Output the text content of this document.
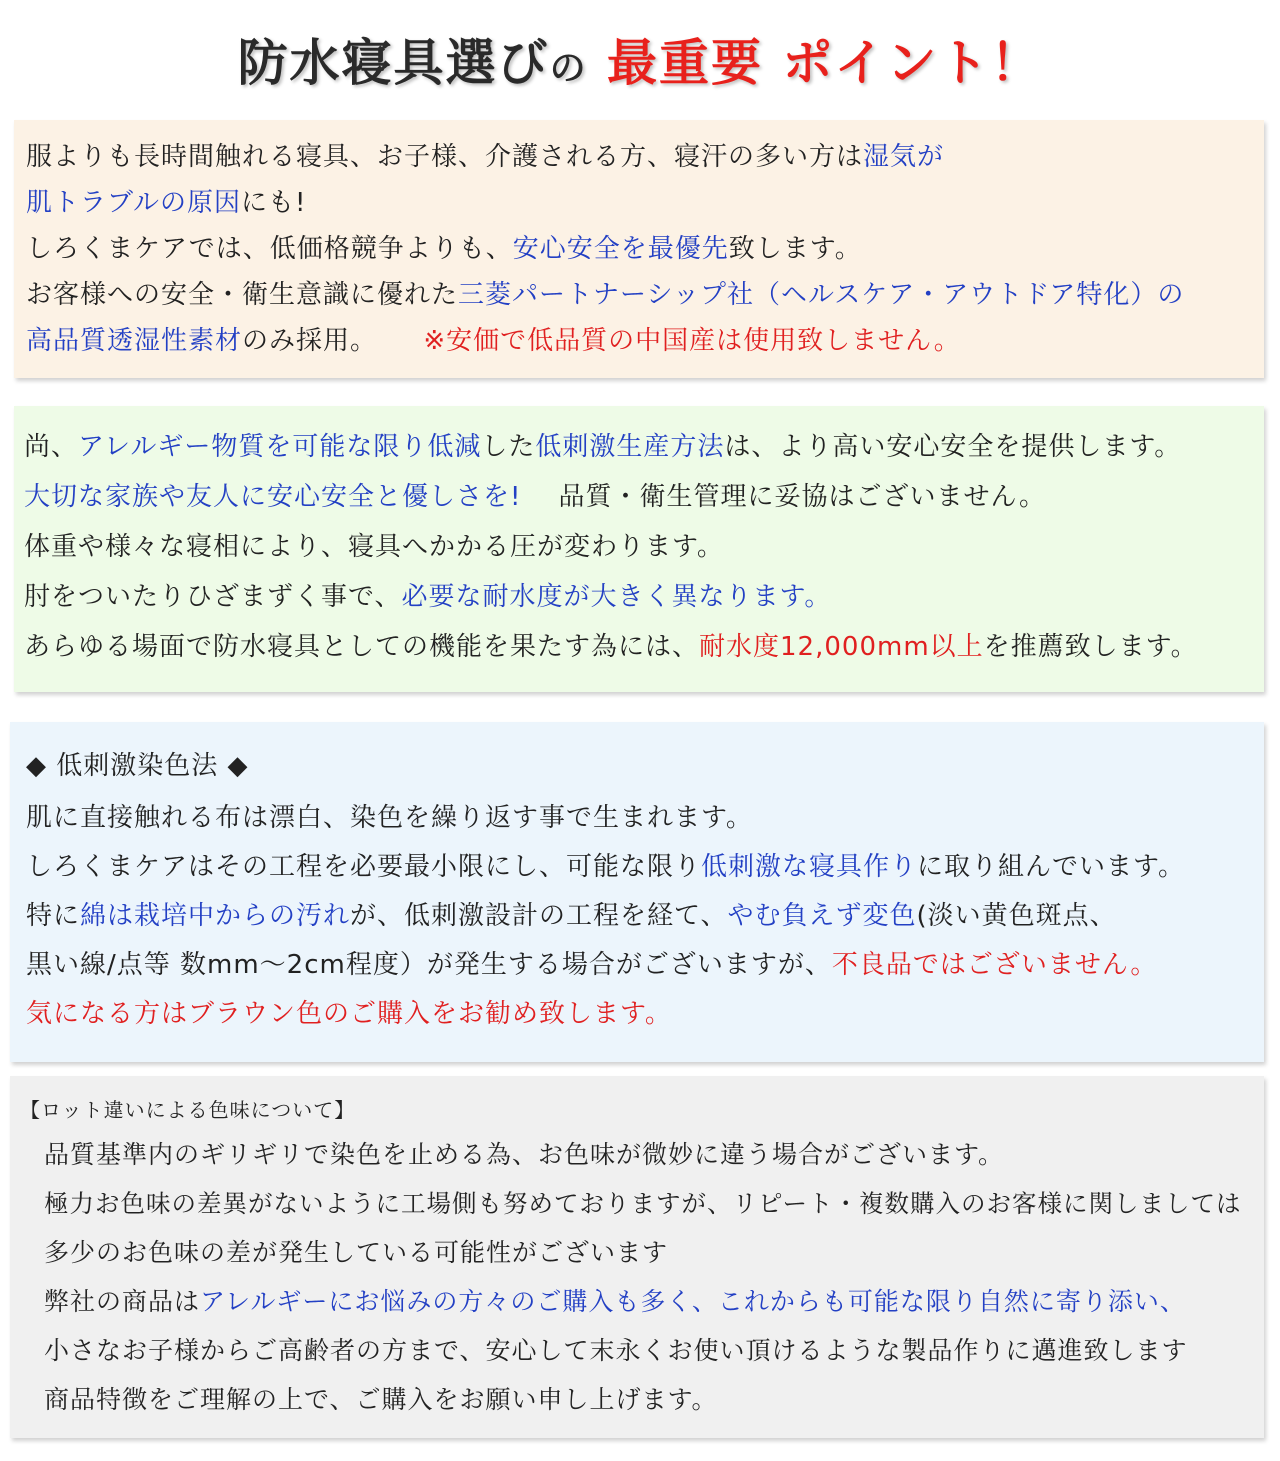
防水寝具選びの 最重要 ポイント！
服よりも長時間触れる寝具、お子様、介護される方、寝汗の多い方は湿気が
肌トラブルの原因にも!
しろくまケアでは、低価格競争よりも、安心安全を最優先致します。
お客様への安全・衛生意識に優れた三菱パートナーシップ社（ヘルスケア・アウトドア特化）の
高品質透湿性素材のみ採用。 ※安価で低品質の中国産は使用致しません。
尚、アレルギー物質を可能な限り低減した低刺激生産方法は、より高い安心安全を提供します。
大切な家族や友人に安心安全と優しさを! 品質・衛生管理に妥協はございません。
体重や様々な寝相により、寝具へかかる圧が変わります。
肘をついたりひざまずく事で、必要な耐水度が大きく異なります。
あらゆる場面で防水寝具としての機能を果たす為には、耐水度12,000mm以上を推薦致します。
◆ 低刺激染色法 ◆
肌に直接触れる布は漂白、染色を繰り返す事で生まれます。
しろくまケアはその工程を必要最小限にし、可能な限り低刺激な寝具作りに取り組んでいます。
特に綿は栽培中からの汚れが、低刺激設計の工程を経て、やむ負えず変色(淡い黄色斑点、
黒い線/点等 数mm～2cm程度）が発生する場合がございますが、不良品ではございません。
気になる方はブラウン色のご購入をお勧め致します。
【ロット違いによる色味について】
品質基準内のギリギリで染色を止める為、お色味が微妙に違う場合がございます。
極力お色味の差異がないように工場側も努めておりますが、リピート・複数購入のお客様に関しましては
多少のお色味の差が発生している可能性がございます
弊社の商品はアレルギーにお悩みの方々のご購入も多く、これからも可能な限り自然に寄り添い、
小さなお子様からご高齢者の方まで、安心して末永くお使い頂けるような製品作りに邁進致します
商品特徴をご理解の上で、ご購入をお願い申し上げます。
